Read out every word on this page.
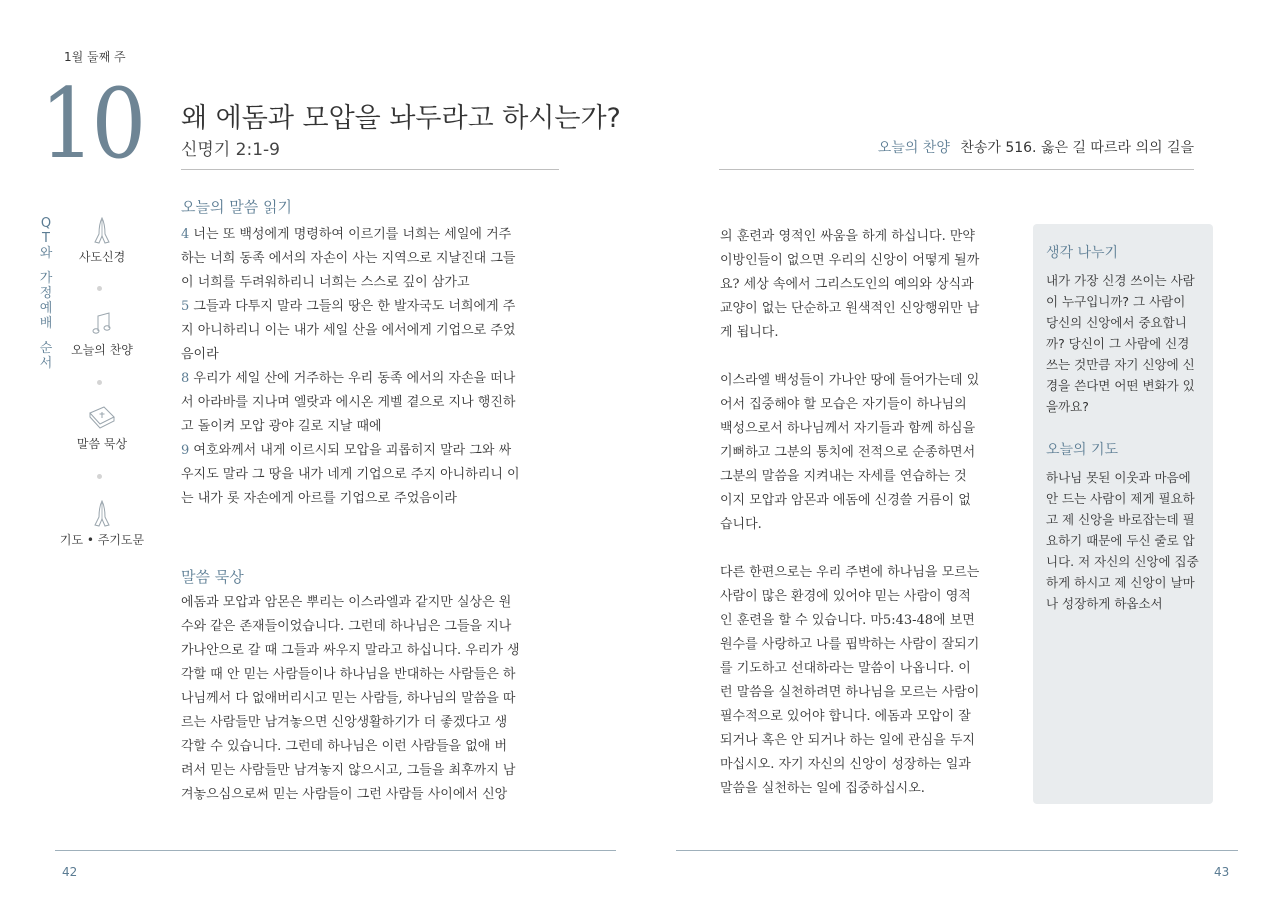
1월 둘째 주
10 왜 에돔과 모압을 놔두라고 하시는가?
신명기 2:1-9	오늘의 찬양 찬송가 516. 옳은 길 따르라 의의 길을
Q
T
와
가
정
예
배
순
서
사도신경
오늘의 찬양
말씀 묵상
기도 • 주기도문
오늘의 말씀 읽기
4 너는 또 백성에게 명령하여 이르기를 너희는 세일에 거주
하는 너희 동족 에서의 자손이 사는 지역으로 지날진대 그들
이 너희를 두려워하리니 너희는 스스로 깊이 삼가고
5 그들과 다투지 말라 그들의 땅은 한 발자국도 너희에게 주
지 아니하리니 이는 내가 세일 산을 에서에게 기업으로 주었
음이라
8 우리가 세일 산에 거주하는 우리 동족 에서의 자손을 떠나
서 아라바를 지나며 엘랏과 에시온 게벨 곁으로 지나 행진하
고 돌이켜 모압 광야 길로 지날 때에
9 여호와께서 내게 이르시되 모압을 괴롭히지 말라 그와 싸
우지도 말라 그 땅을 내가 네게 기업으로 주지 아니하리니 이
는 내가 롯 자손에게 아르를 기업으로 주었음이라
말씀 묵상
에돔과 모압과 암몬은 뿌리는 이스라엘과 같지만 실상은 원
수와 같은 존재들이었습니다. 그런데 하나님은 그들을 지나
가나안으로 갈 때 그들과 싸우지 말라고 하십니다. 우리가 생
각할 때 안 믿는 사람들이나 하나님을 반대하는 사람들은 하
나님께서 다 없애버리시고 믿는 사람들, 하나님의 말씀을 따
르는 사람들만 남겨놓으면 신앙생활하기가 더 좋겠다고 생
각할 수 있습니다. 그런데 하나님은 이런 사람들을 없애 버
려서 믿는 사람들만 남겨놓지 않으시고, 그들을 최후까지 남
겨놓으심으로써 믿는 사람들이 그런 사람들 사이에서 신앙
의 훈련과 영적인 싸움을 하게 하십니다. 만약
이방인들이 없으면 우리의 신앙이 어떻게 될까
요? 세상 속에서 그리스도인의 예의와 상식과
교양이 없는 단순하고 원색적인 신앙행위만 남
게 됩니다.
이스라엘 백성들이 가나안 땅에 들어가는데 있
어서 집중해야 할 모습은 자기들이 하나님의
백성으로서 하나님께서 자기들과 함께 하심을
기뻐하고 그분의 통치에 전적으로 순종하면서
그분의 말씀을 지켜내는 자세를 연습하는 것
이지 모압과 암몬과 에돔에 신경쓸 거름이 없
습니다.
다른 한편으로는 우리 주변에 하나님을 모르는
사람이 많은 환경에 있어야 믿는 사람이 영적
인 훈련을 할 수 있습니다. 마5:43-48에 보면
원수를 사랑하고 나를 핍박하는 사람이 잘되기
를 기도하고 선대하라는 말씀이 나옵니다. 이
런 말씀을 실천하려면 하나님을 모르는 사람이
필수적으로 있어야 합니다. 에돔과 모압이 잘
되거나 혹은 안 되거나 하는 일에 관심을 두지
마십시오. 자기 자신의 신앙이 성장하는 일과
말씀을 실천하는 일에 집중하십시오.
생각 나누기
내가 가장 신경 쓰이는 사람
이 누구입니까? 그 사람이
당신의 신앙에서 중요합니
까? 당신이 그 사람에 신경
쓰는 것만큼 자기 신앙에 신
경을 쓴다면 어떤 변화가 있
을까요?
오늘의 기도
하나님 못된 이웃과 마음에
안 드는 사람이 제게 필요하
고 제 신앙을 바로잡는데 필
요하기 때문에 두신 줄로 압
니다. 저 자신의 신앙에 집중
하게 하시고 제 신앙이 날마
나 성장하게 하옵소서
42	43
